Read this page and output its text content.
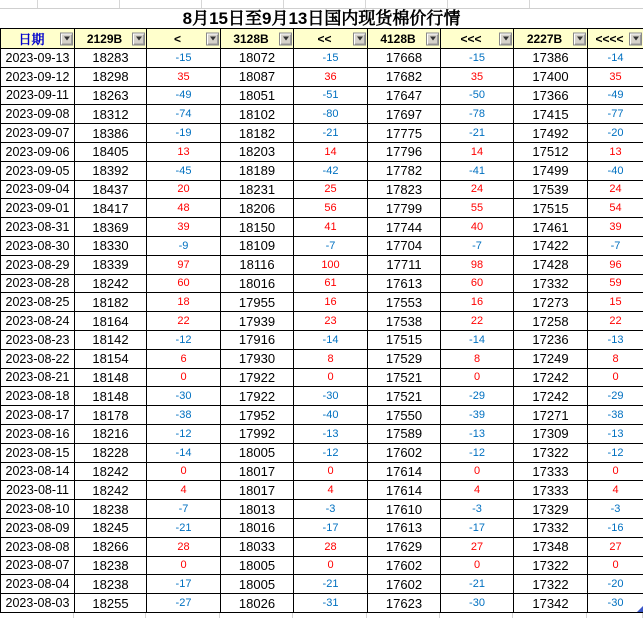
8月15日至9月13日国内现货棉价行情
日期	2129B	<	3128B	<<	4128B	<<<	2227B	<<<<

2023-09-13	18283	-15	18072	-15	17668	-15	17386	-14
2023-09-12	18298	35	18087	36	17682	35	17400	35
2023-09-11	18263	-49	18051	-51	17647	-50	17366	-49
2023-09-08	18312	-74	18102	-80	17697	-78	17415	-77
2023-09-07	18386	-19	18182	-21	17775	-21	17492	-20
2023-09-06	18405	13	18203	14	17796	14	17512	13
2023-09-05	18392	-45	18189	-42	17782	-41	17499	-40
2023-09-04	18437	20	18231	25	17823	24	17539	24
2023-09-01	18417	48	18206	56	17799	55	17515	54
2023-08-31	18369	39	18150	41	17744	40	17461	39
2023-08-30	18330	-9	18109	-7	17704	-7	17422	-7
2023-08-29	18339	97	18116	100	17711	98	17428	96
2023-08-28	18242	60	18016	61	17613	60	17332	59
2023-08-25	18182	18	17955	16	17553	16	17273	15
2023-08-24	18164	22	17939	23	17538	22	17258	22
2023-08-23	18142	-12	17916	-14	17515	-14	17236	-13
2023-08-22	18154	6	17930	8	17529	8	17249	8
2023-08-21	18148	0	17922	0	17521	0	17242	0
2023-08-18	18148	-30	17922	-30	17521	-29	17242	-29
2023-08-17	18178	-38	17952	-40	17550	-39	17271	-38
2023-08-16	18216	-12	17992	-13	17589	-13	17309	-13
2023-08-15	18228	-14	18005	-12	17602	-12	17322	-12
2023-08-14	18242	0	18017	0	17614	0	17333	0
2023-08-11	18242	4	18017	4	17614	4	17333	4
2023-08-10	18238	-7	18013	-3	17610	-3	17329	-3
2023-08-09	18245	-21	18016	-17	17613	-17	17332	-16
2023-08-08	18266	28	18033	28	17629	27	17348	27
2023-08-07	18238	0	18005	0	17602	0	17322	0
2023-08-04	18238	-17	18005	-21	17602	-21	17322	-20
2023-08-03	18255	-27	18026	-31	17623	-30	17342	-30
